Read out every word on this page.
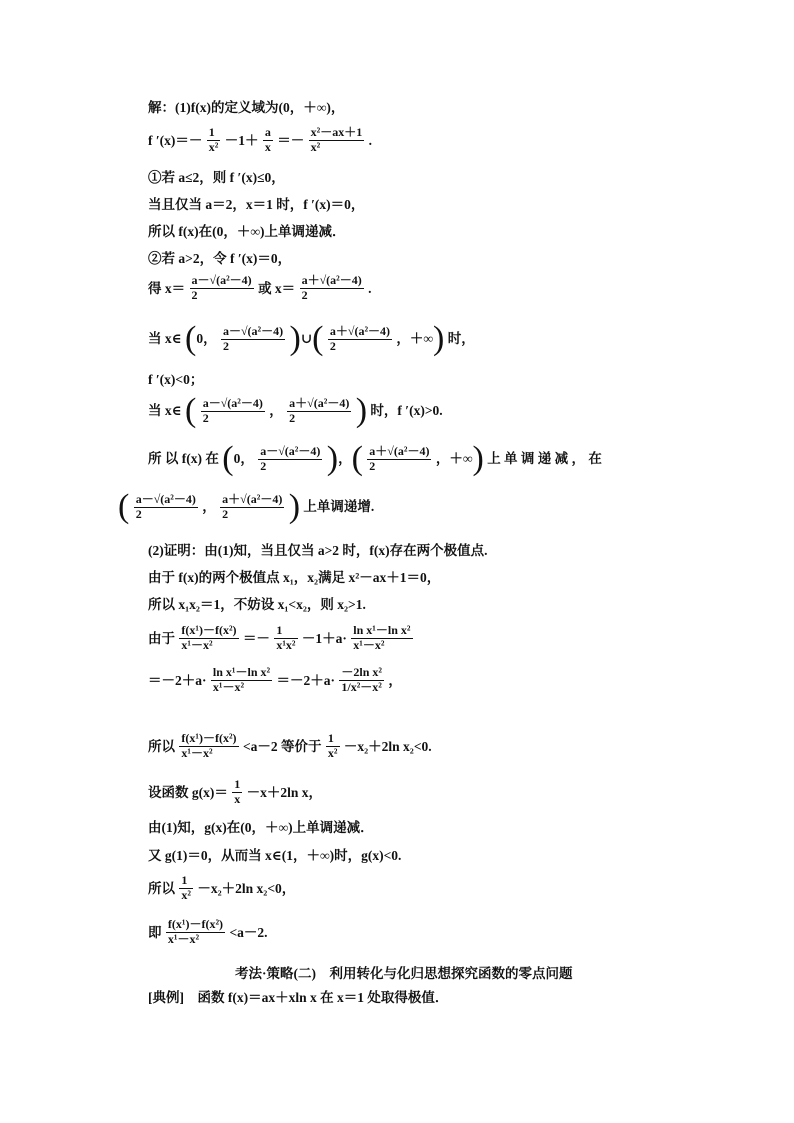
解：(1)f(x)的定义域为(0，＋∞)，
f $'(x)=- \frac{1}{\text{x²}} -1+ \frac{a}{x} =- \frac{\text{x²－ax＋1}}{\text{x²}}$ .
①若 a≤2，则 f ′(x)≤0，
当且仅当 a＝2，x＝1 时，f ′(x)＝0，
所以 f(x)在(0，＋∞)上单调递减．
②若 a>2，令 f ′(x)＝0，
得 $x= \frac{\text{a－√(a²－4)}}{2}$ 或 $x= \frac{\text{a＋√(a²－4)}}{2}$ .
当 x∈ (0， $\frac{\text{a－√(a²－4)}}{2}$ )∪( $\frac{\text{a＋√(a²－4)}}{2}$ ，＋∞) 时，
f ′(x)<0；
当 x∈ ( $\frac{\text{a－√(a²－4)}}{2}$ ， $\frac{\text{a＋√(a²－4)}}{2}$ ) 时，f ′(x)>0.
所 以 f(x) 在 (0， $\frac{\text{a－√(a²－4)}}{2}$ )，( $\frac{\text{a＋√(a²－4)}}{2}$ ，＋∞) 上 单 调 递 减 ， 在
( $\frac{\text{a－√(a²－4)}}{2}$ ， $\frac{\text{a＋√(a²－4)}}{2}$ ) 上单调递增.
(2)证明：由(1)知，当且仅当 a>2 时，f(x)存在两个极值点.
由于 f(x)的两个极值点 x₁，x₂满足 x²－ax＋1＝0，
所以 x₁x₂＝1，不妨设 x₁<x₂，则 x₂>1.
由于 $\frac{\text{f(x¹)－f(x²)}}{\text{x¹－x²}} =- \frac{1}{\text{x¹x²}} -1+a\cdot \frac{\text{ln x¹－ln x²}}{\text{x¹－x²}}$
$=-2+a\cdot \frac{\text{ln x¹－ln x²}}{\text{x¹－x²}} =-2+a\cdot \frac{\text{－2ln x²}}{\text{1/x²－x²}}$ ，
所以 $\frac{\text{f(x¹)－f(x²)}}{\text{x¹－x²}} <a-2$ 等价于 $\frac{1}{\text{x²}} -x_2+2\ln$ x₂<0.
设函数 $g(x)= \frac{1}{x} -x+2\ln$ x，
由(1)知，g(x)在(0，＋∞)上单调递减．
又 g(1)＝0，从而当 x∈(1，＋∞)时，g(x)<0.
所以 $\frac{1}{\text{x²}} -x_2+2\ln$ x₂<0，
即 $\frac{\text{f(x¹)－f(x²)}}{\text{x¹－x²}} <a-2$.
考法·策略(二)　利用转化与化归思想探究函数的零点问题
[典例]　函数 f(x)＝ax＋xln x 在 x＝1 处取得极值．
